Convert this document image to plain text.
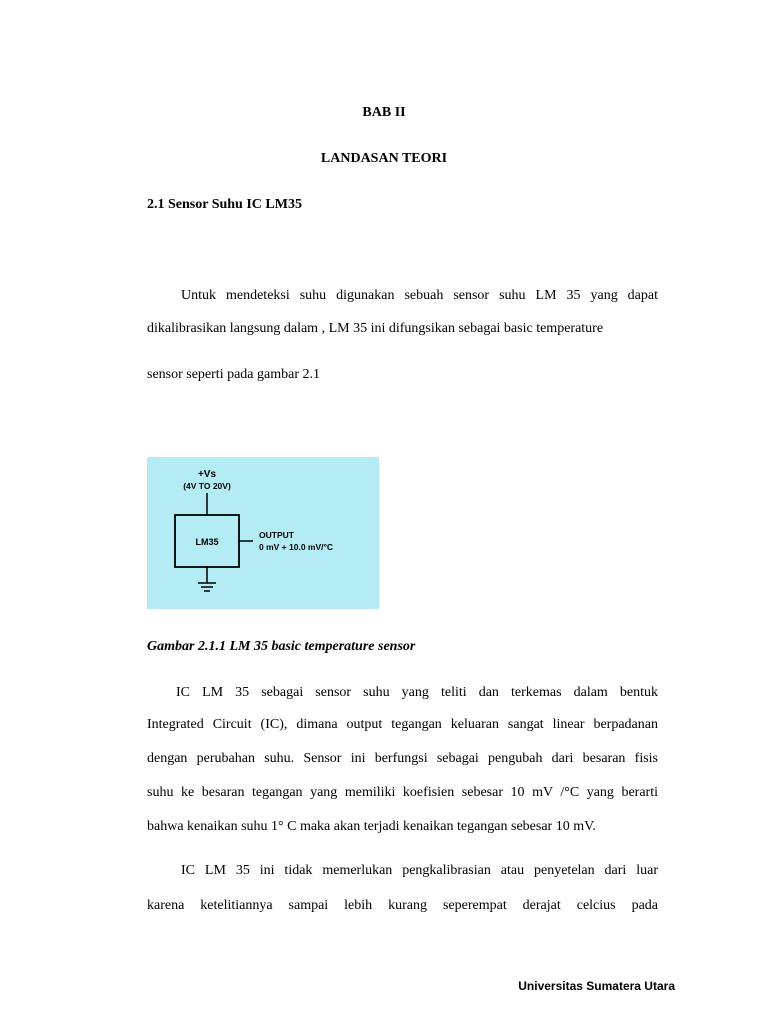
BAB II
LANDASAN TEORI
2.1 Sensor Suhu IC LM35
Untuk mendeteksi suhu digunakan sebuah sensor suhu LM 35 yang dapat
dikalibrasikan langsung dalam , LM 35 ini difungsikan sebagai basic temperature
sensor seperti pada gambar 2.1
+Vs
(4V TO 20V)
LM35
OUTPUT
0 mV + 10.0 mV/°C
Gambar 2.1.1 LM 35 basic temperature sensor
IC LM 35 sebagai sensor suhu yang teliti dan terkemas dalam bentuk
Integrated Circuit (IC), dimana output tegangan keluaran sangat linear berpadanan
dengan perubahan suhu. Sensor ini berfungsi sebagai pengubah dari besaran fisis
suhu ke besaran tegangan yang memiliki koefisien sebesar 10 mV /°C yang berarti
bahwa kenaikan suhu 1° C maka akan terjadi kenaikan tegangan sebesar 10 mV.
IC LM 35 ini tidak memerlukan pengkalibrasian atau penyetelan dari luar
karena ketelitiannya sampai lebih kurang seperempat derajat celcius pada
Universitas Sumatera Utara
